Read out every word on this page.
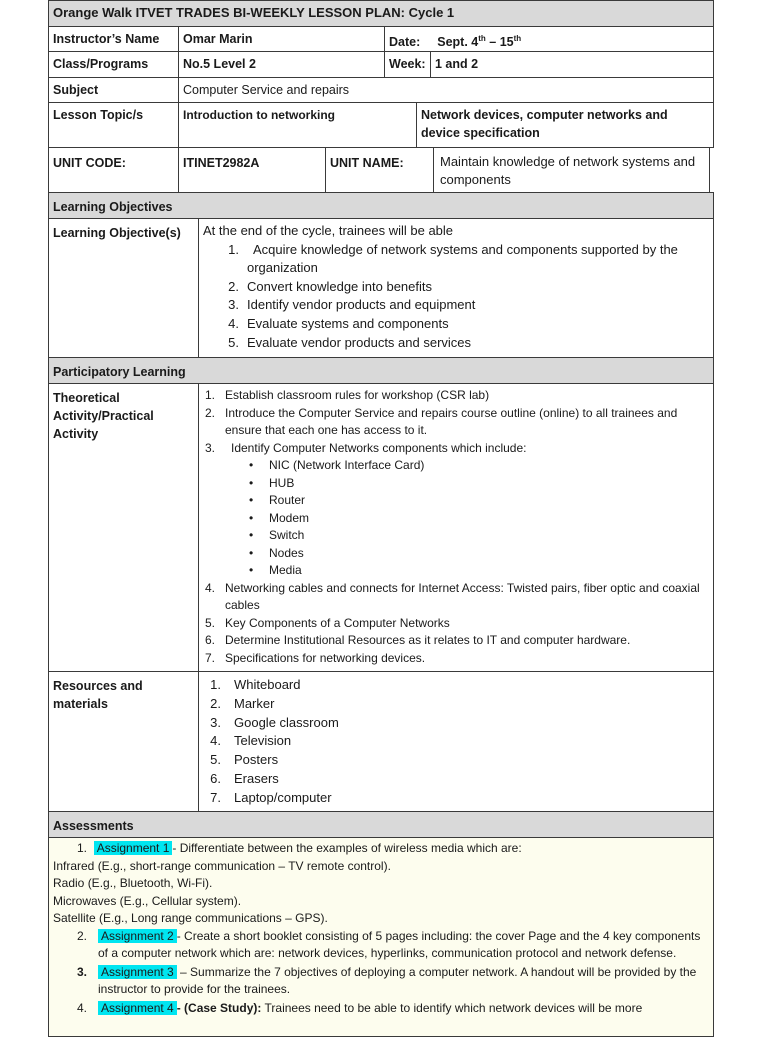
Orange Walk ITVET TRADES BI-WEEKLY LESSON PLAN: Cycle 1
Instructor’s Name	Omar Marin	Date: Sept. 4th – 15th
Class/Programs	No.5 Level 2	Week: 1 and 2
Subject	Computer Service and repairs
Lesson Topic/s	Introduction to networking	Network devices, computer networks and device specification
UNIT CODE:	ITINET2982A	UNIT NAME:	Maintain knowledge of network systems and components
Learning Objectives
Learning Objective(s)	At the end of the cycle, trainees will be able
1. Acquire knowledge of network systems and components supported by the organization
2. Convert knowledge into benefits
3. Identify vendor products and equipment
4. Evaluate systems and components
5. Evaluate vendor products and services
Participatory Learning
Theoretical Activity/Practical Activity
1. Establish classroom rules for workshop (CSR lab)
2. Introduce the Computer Service and repairs course outline (online) to all trainees and ensure that each one has access to it.
3. Identify Computer Networks components which include:
• NIC (Network Interface Card)
• HUB
• Router
• Modem
• Switch
• Nodes
• Media
4. Networking cables and connects for Internet Access: Twisted pairs, fiber optic and coaxial cables
5. Key Components of a Computer Networks
6. Determine Institutional Resources as it relates to IT and computer hardware.
7. Specifications for networking devices.
Resources and materials
1. Whiteboard
2. Marker
3. Google classroom
4. Television
5. Posters
6. Erasers
7. Laptop/computer
Assessments
1.  Assignment 1 - Differentiate between the examples of wireless media which are:
Infrared (E.g., short-range communication – TV remote control).
Radio (E.g., Bluetooth, Wi-Fi).
Microwaves (E.g., Cellular system).
Satellite (E.g., Long range communications – GPS).
2. Assignment 2 - Create a short booklet consisting of 5 pages including: the cover Page and the 4 key components of a computer network which are: network devices, hyperlinks, communication protocol and network defense.
3. Assignment 3 – Summarize the 7 objectives of deploying a computer network. A handout will be provided by the instructor to provide for the trainees.
4. Assignment 4 - (Case Study): Trainees need to be able to identify which network devices will be more
